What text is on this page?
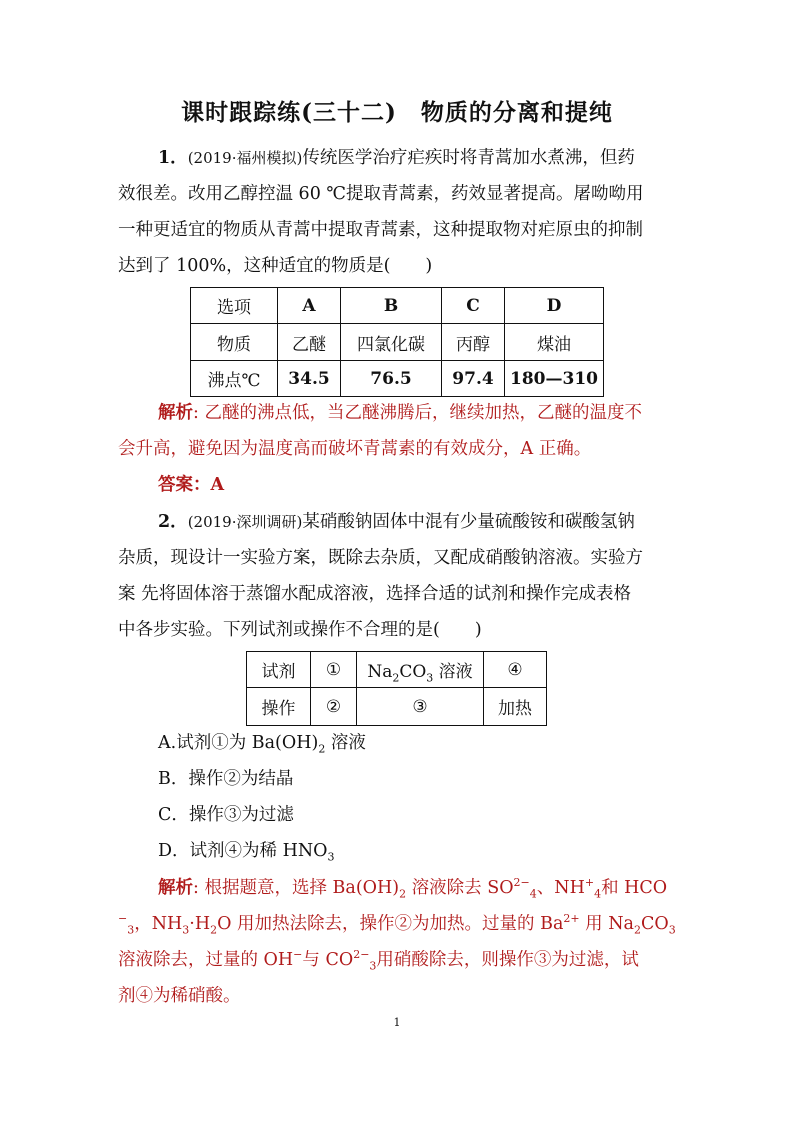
课时跟踪练(三十二)　物质的分离和提纯
1．(2019·福州模拟)传统医学治疗疟疾时将青蒿加水煮沸，但药
效很差。改用乙醇控温 60 ℃提取青蒿素，药效显著提高。屠呦呦用
一种更适宜的物质从青蒿中提取青蒿素，这种提取物对疟原虫的抑制
达到了 100%，这种适宜的物质是(　　)
选项	A	B	C	D
物质	乙醚	四氯化碳	丙醇	煤油
沸点℃	34.5	76.5	97.4	180—310
解析: 乙醚的沸点低，当乙醚沸腾后，继续加热，乙醚的温度不
会升高，避免因为温度高而破坏青蒿素的有效成分，A 正确。
答案：A
2．(2019·深圳调研)某硝酸钠固体中混有少量硫酸铵和碳酸氢钠
杂质，现设计一实验方案，既除去杂质，又配成硝酸钠溶液。实验方
案 先将固体溶于蒸馏水配成溶液，选择合适的试剂和操作完成表格
中各步实验。下列试剂或操作不合理的是(　　)
试剂	①	$Na_2CO_3$ 溶液	④
操作	②	③	加热
A.试剂①为 $Ba(OH)_2$ 溶液
B．操作②为结晶
C．操作③为过滤
D．试剂④为稀 $HNO_3$
解析: 根据题意，选择 $Ba(OH)_2$ 溶液除去 $SO^{2-}_4$、$NH^+_4$和 HCO
−$_3$，$NH_3\cdot H_2O$ 用加热法除去，操作②为加热。过量的 $Ba^{2+}$ 用 $Na_2CO_3$
溶液除去，过量的 OH−与 $CO^{2-}_3$用硝酸除去，则操作③为过滤，试
剂④为稀硝酸。
1
